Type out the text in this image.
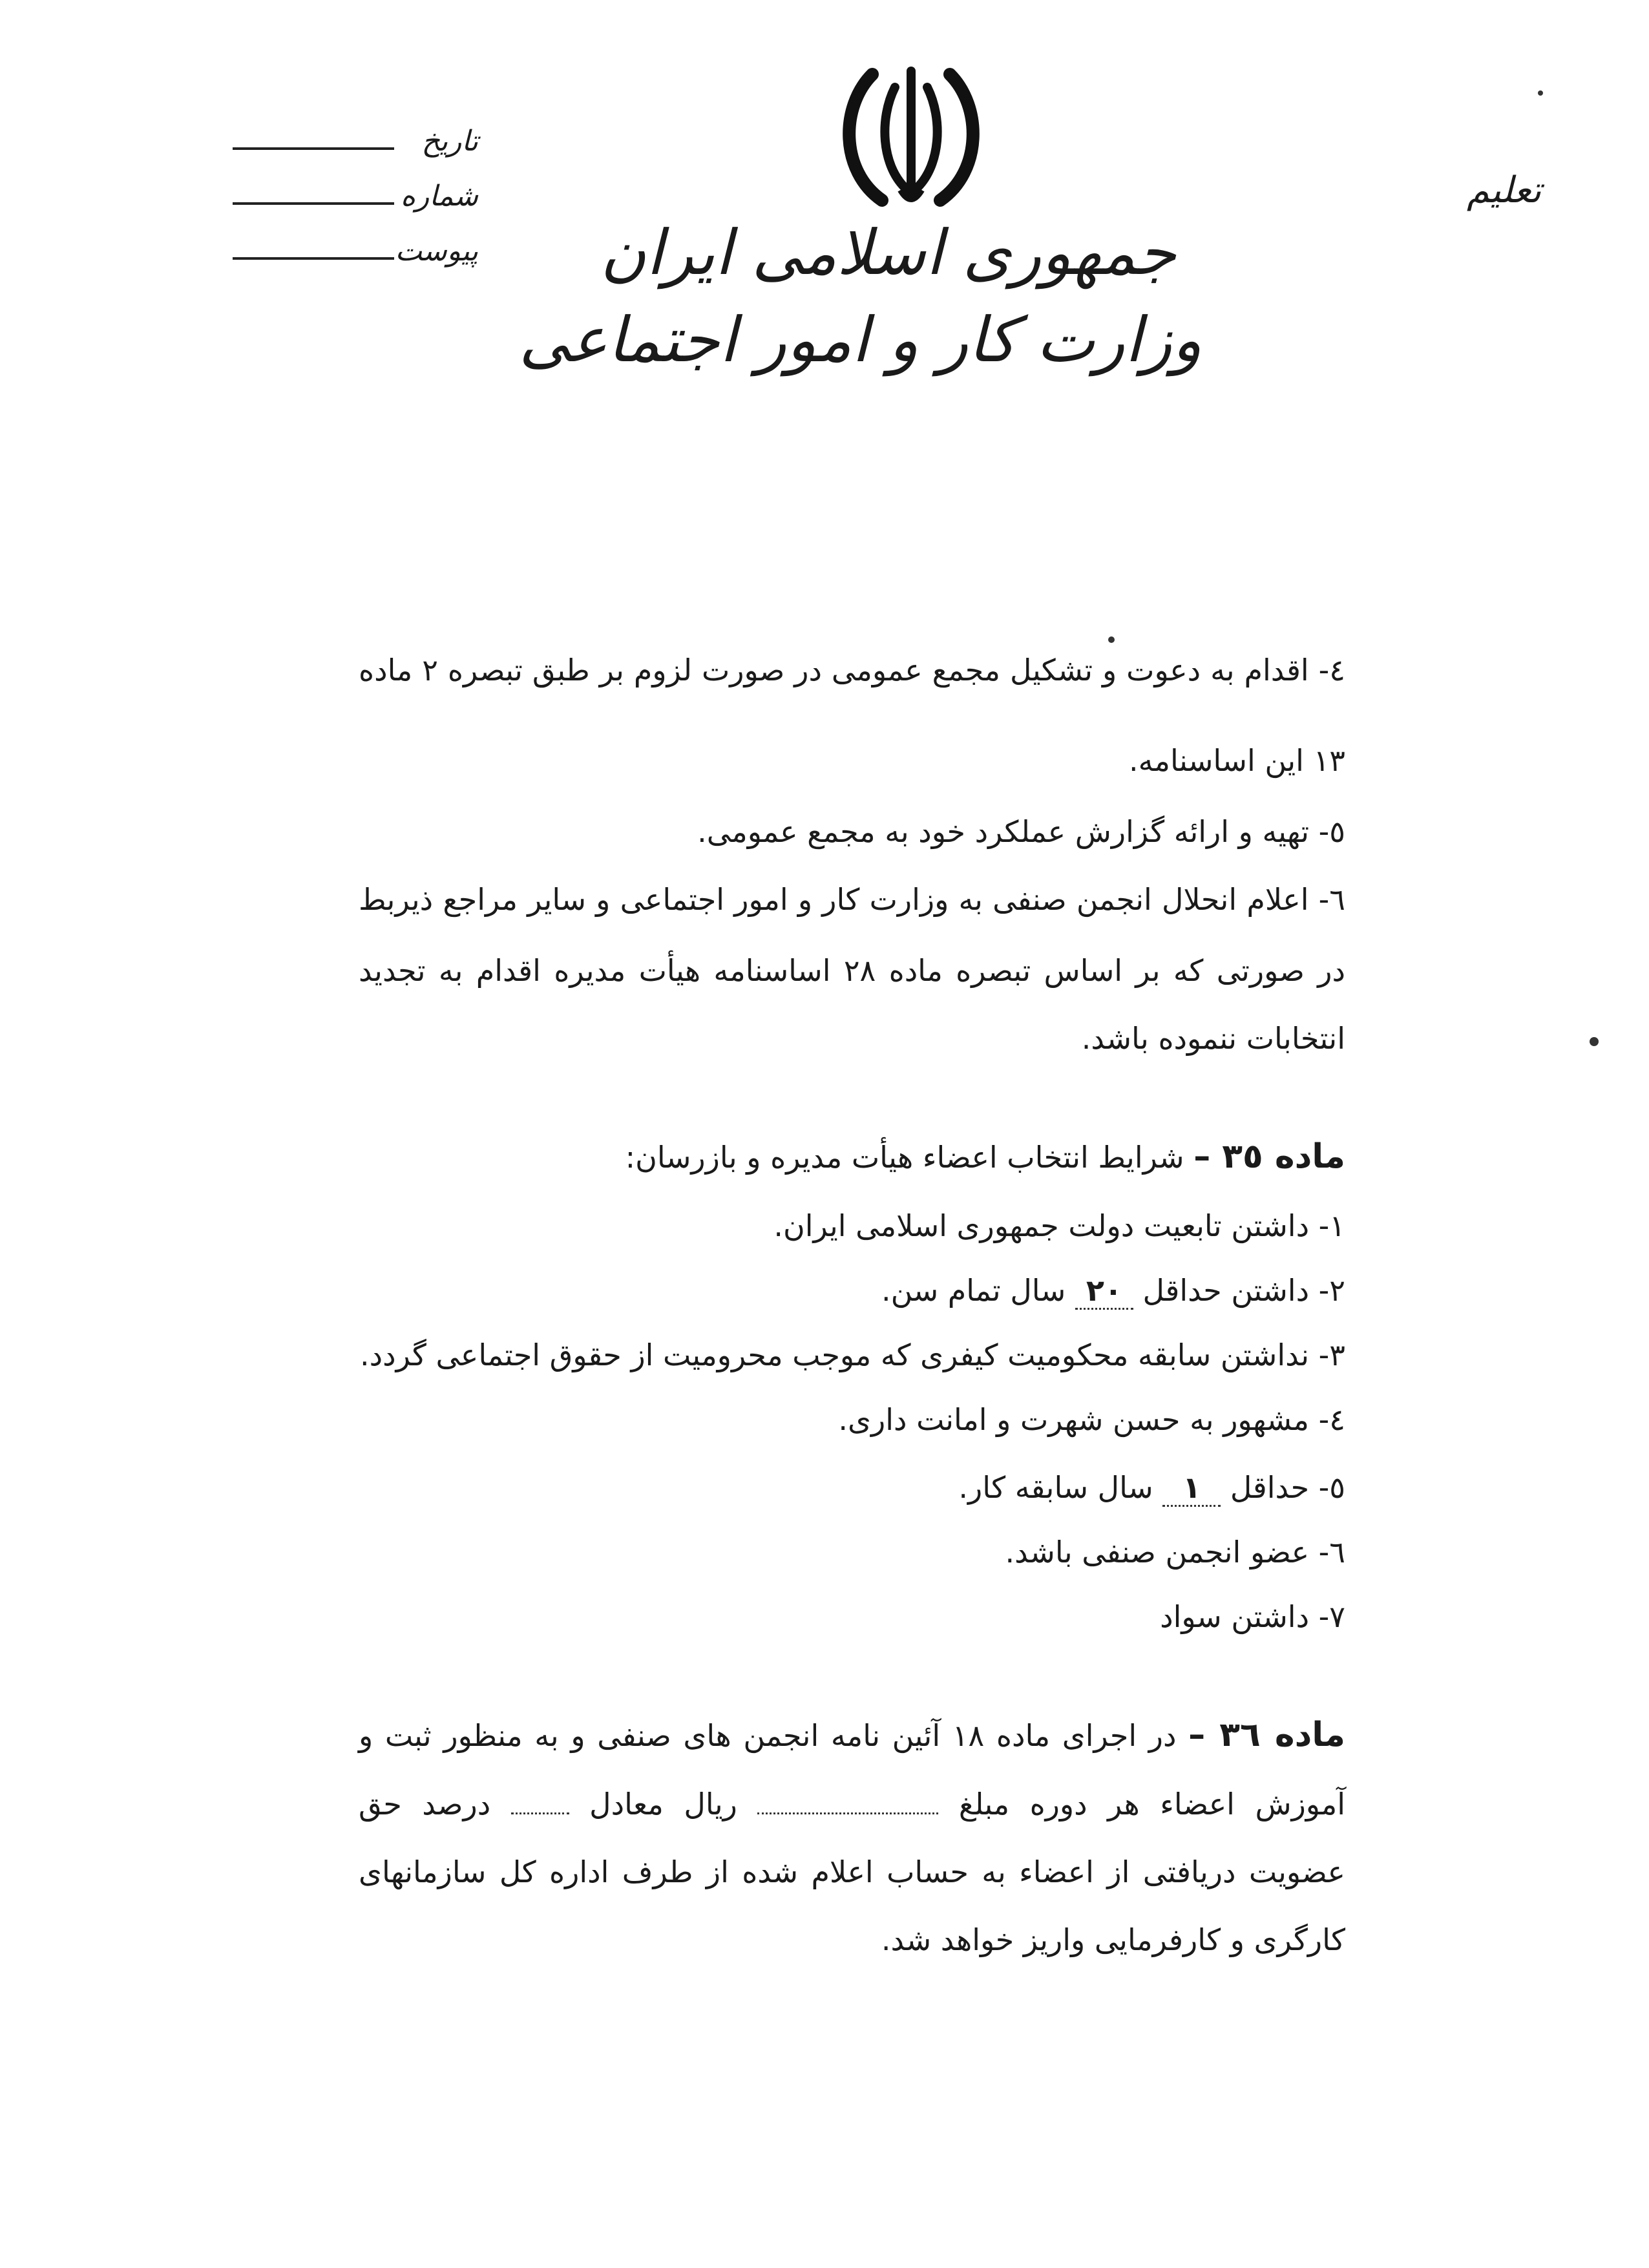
جمهوری اسلامی ایران
وزارت کار و امور اجتماعی
تاریخ
شماره
پیوست
تعلیم
٤- اقدام به دعوت و تشکیل مجمع عمومی در صورت لزوم بر طبق تبصره ٢ ماده
١٣ این اساسنامه.
٥- تهیه و ارائه گزارش عملکرد خود به مجمع عمومی.
٦- اعلام انحلال انجمن صنفی به وزارت کار و امور اجتماعی و سایر مراجع ذیربط
در صورتی که بر اساس تبصره ماده ٢٨ اساسنامه هیأت مدیره اقدام به تجدید
انتخابات ننموده باشد.
ماده ٣٥ – شرایط انتخاب اعضاء هیأت مدیره و بازرسان:
١- داشتن تابعیت دولت جمهوری اسلامی ایران.
٢- داشتن حداقل ٢٠ سال تمام سن.
٣- نداشتن سابقه محکومیت کیفری که موجب محرومیت از حقوق اجتماعی گردد.
٤- مشهور به حسن شهرت و امانت داری.
٥- حداقل ١ سال سابقه کار.
٦- عضو انجمن صنفی باشد.
٧- داشتن سواد
ماده ٣٦ – در اجرای ماده ١٨ آئین نامه انجمن های صنفی و به منظور ثبت و
آموزش اعضاء هر دوره مبلغ  ریال معادل  درصد حق
عضویت دریافتی از اعضاء به حساب اعلام شده از طرف اداره کل سازمانهای
کارگری و کارفرمایی واریز خواهد شد.
